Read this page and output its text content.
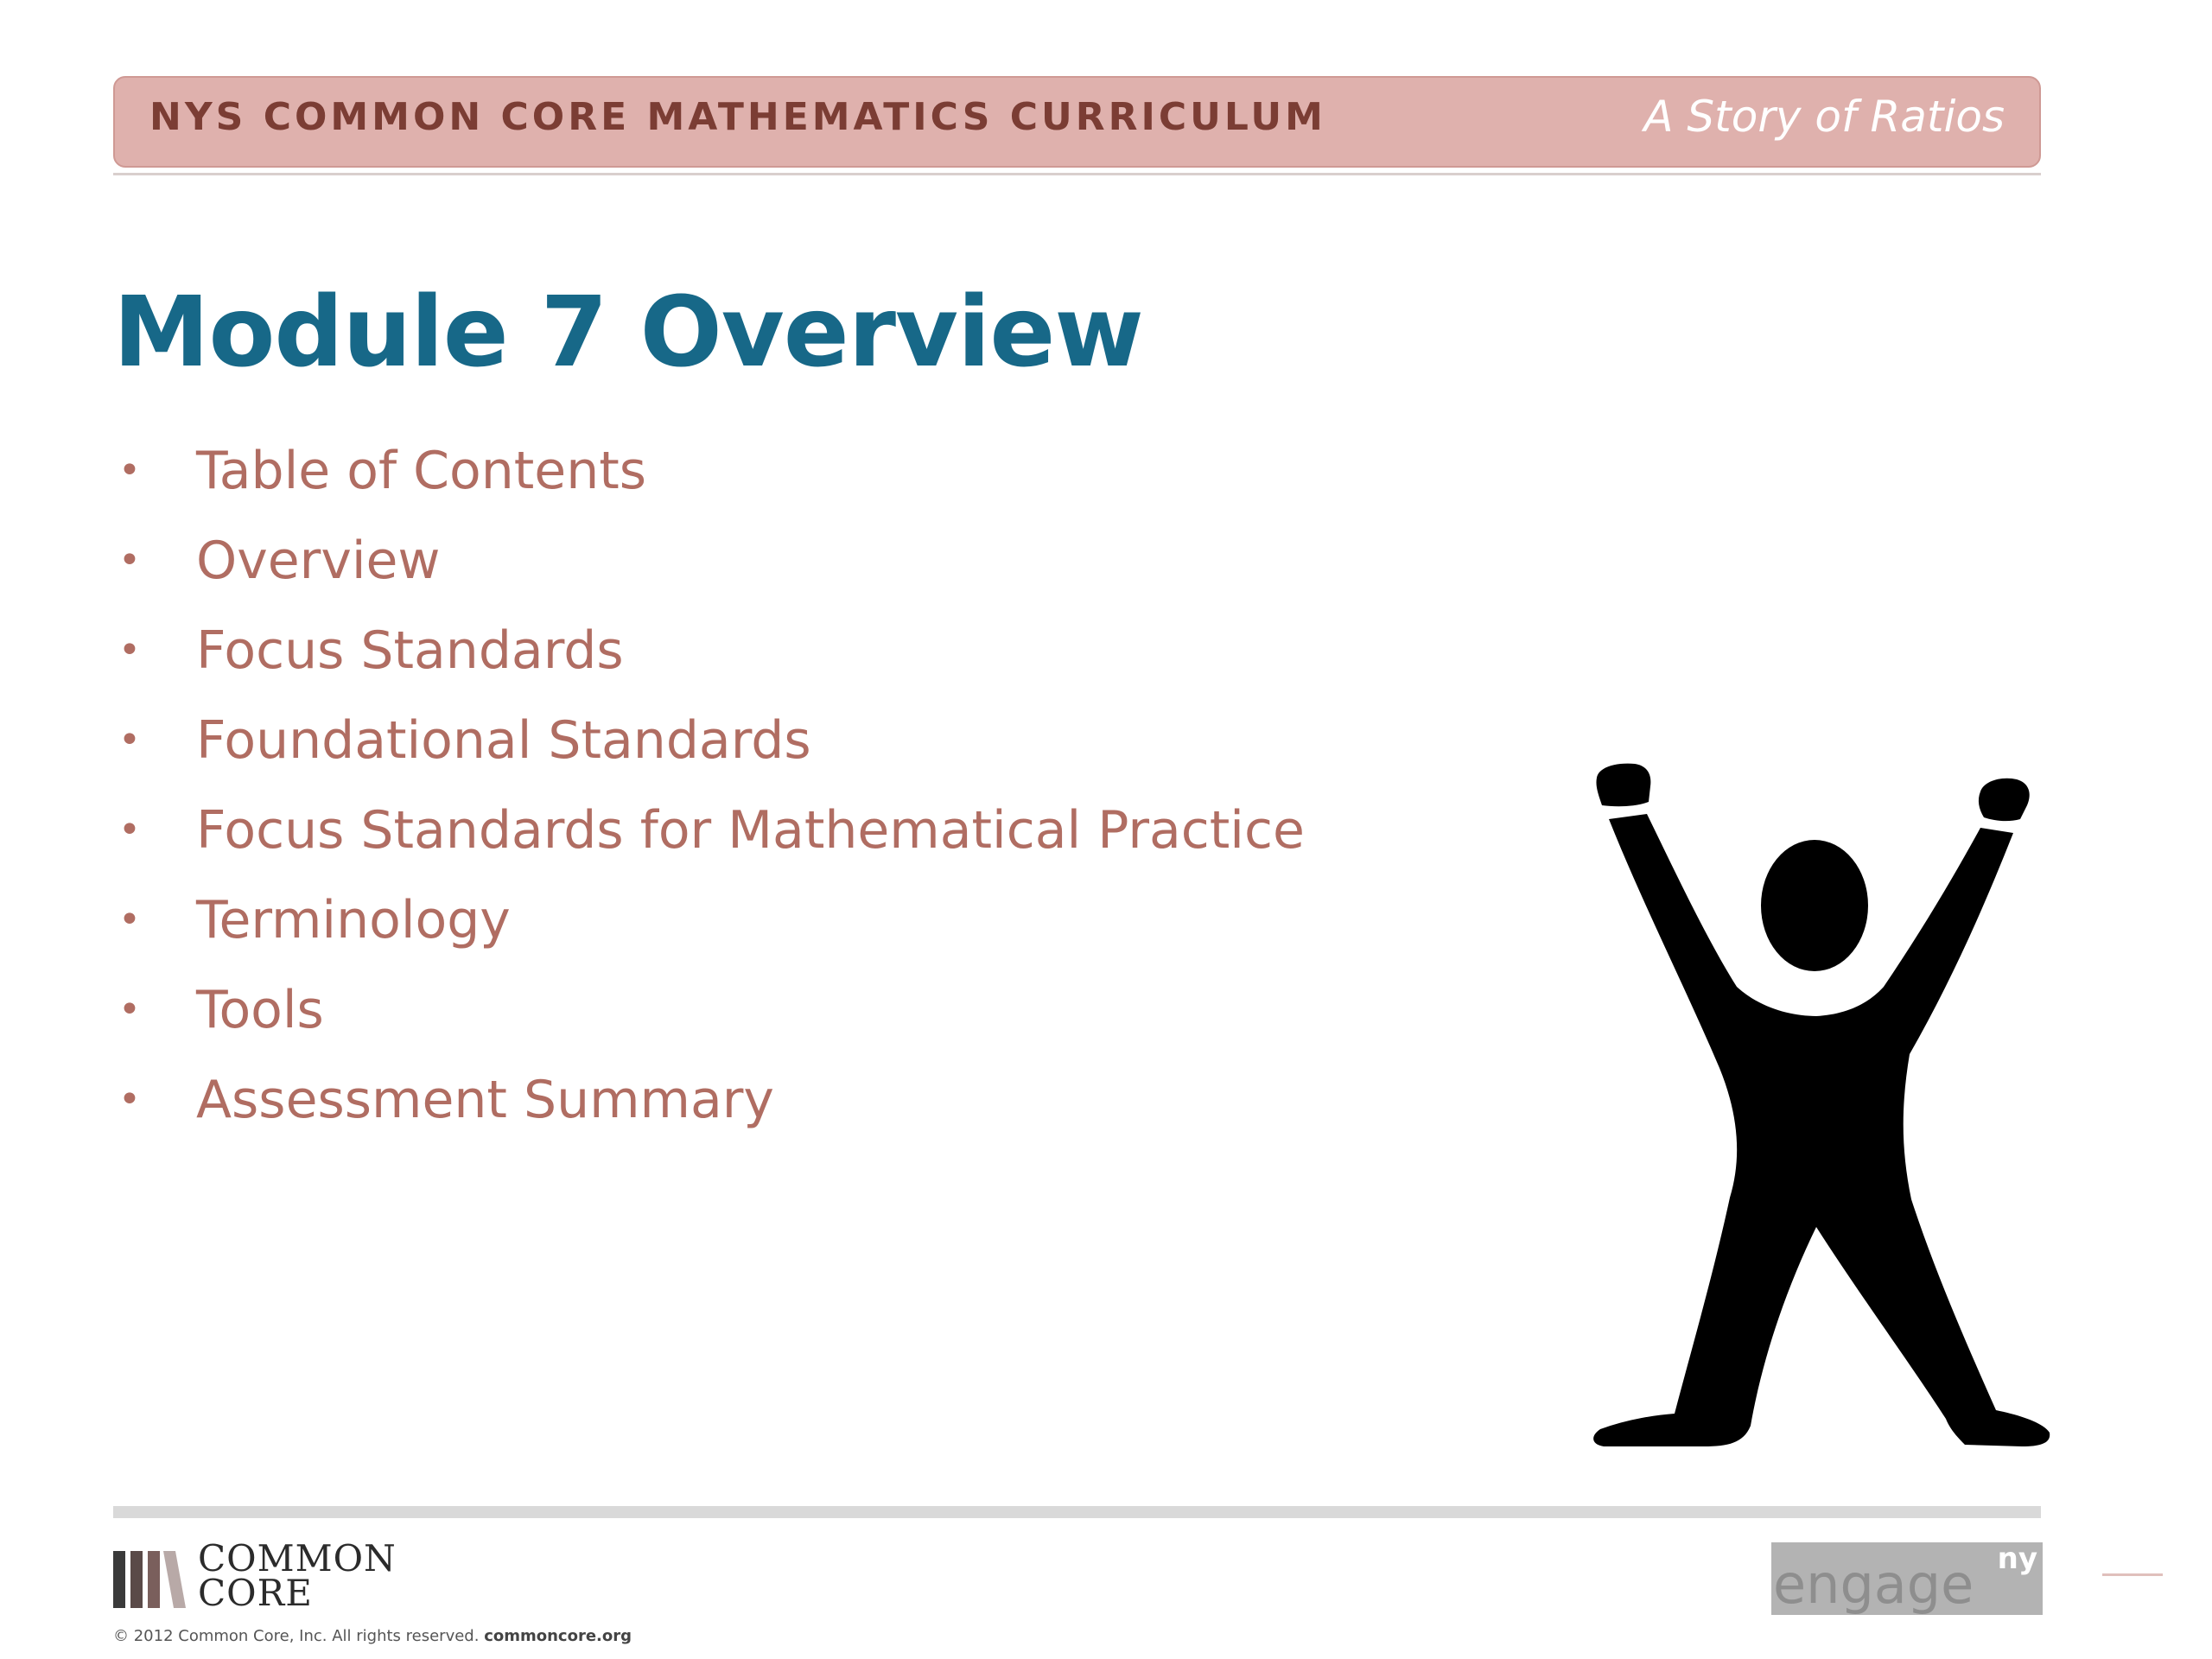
NYS COMMON CORE MATHEMATICS CURRICULUM	A Story of Ratios
Module 7 Overview
• Table of Contents
• Overview
• Focus Standards
• Foundational Standards
• Focus Standards for Mathematical Practice
• Terminology
• Tools
• Assessment Summary
COMMON
CORE
© 2012 Common Core, Inc. All rights reserved. commoncore.org
engage ny
